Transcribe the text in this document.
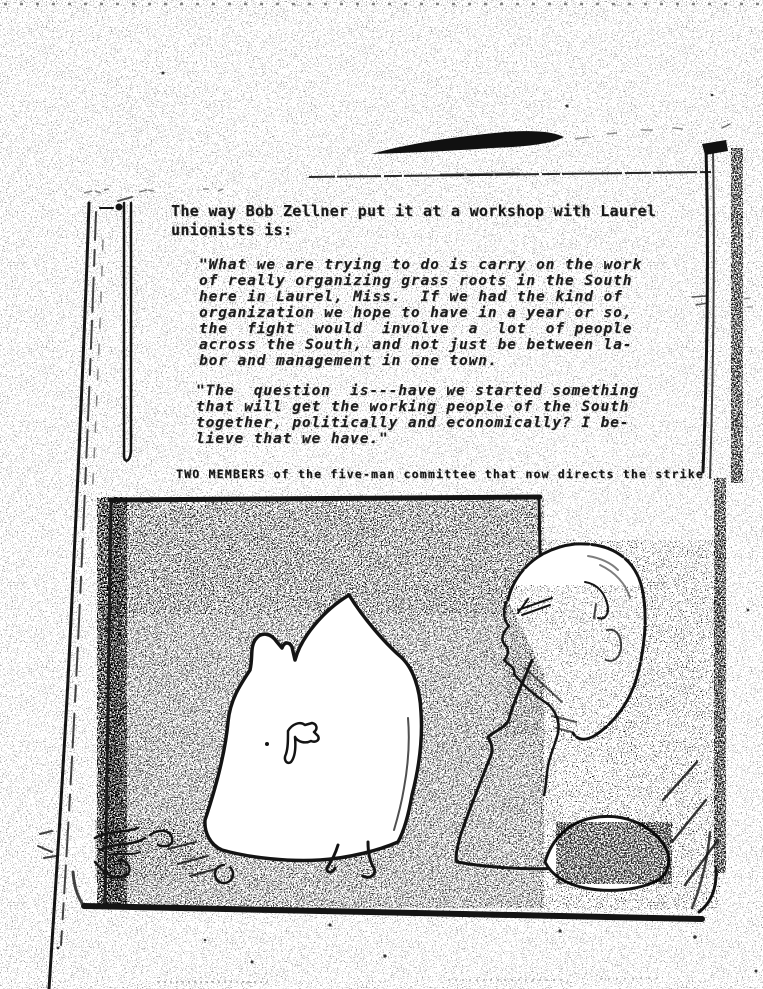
The way Bob Zellner put it at a workshop with Laurel
unionists is:
"What we are trying to do is carry on the work
of really organizing grass roots in the South
here in Laurel, Miss.  If we had the kind of
organization we hope to have in a year or so,
the  fight  would  involve  a  lot  of people
across the South, and not just be between la-
bor and management in one town.
"The  question  is---have we started something
that will get the working people of the South
together, politically and economically? I be-
lieve that we have."
TWO MEMBERS of the five-man committee that now directs the strike
